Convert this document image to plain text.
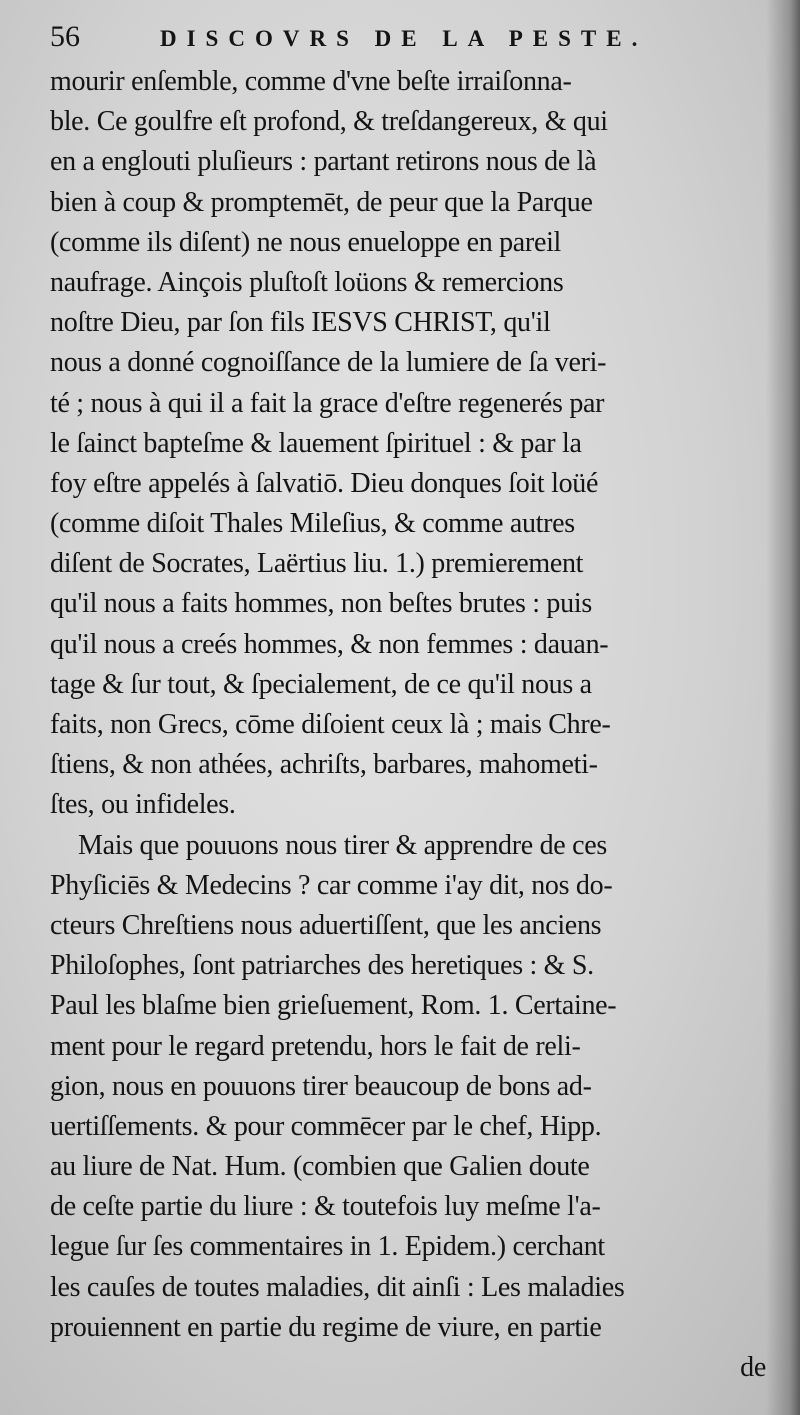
56	DISCOVRS DE LA PESTE.
mourir enſemble, comme d'vne beſte irraiſonna-
ble. Ce goulfre eſt profond, & treſdangereux, & qui
en a englouti pluſieurs : partant retirons nous de là
bien à coup & promptemēt, de peur que la Parque
(comme ils diſent) ne nous enueloppe en pareil
naufrage. Ainçois pluſtoſt loüons & remercions
noſtre Dieu, par ſon fils IESVS CHRIST, qu'il
nous a donné cognoiſſance de la lumiere de ſa veri-
té ; nous à qui il a fait la grace d'eſtre regenerés par
le ſainct bapteſme & lauement ſpirituel : & par la
foy eſtre appelés à ſalvatiō. Dieu donques ſoit loüé
(comme diſoit Thales Mileſius, & comme autres
diſent de Socrates, Laërtius liu. 1.) premierement
qu'il nous a faits hommes, non beſtes brutes : puis
qu'il nous a creés hommes, & non femmes : dauan-
tage & ſur tout, & ſpecialement, de ce qu'il nous a
faits, non Grecs, cōme diſoient ceux là ; mais Chre-
ſtiens, & non athées, achriſts, barbares, mahometi-
ſtes, ou infideles.
Mais que pouuons nous tirer & apprendre de ces
Phyſiciēs & Medecins ? car comme i'ay dit, nos do-
cteurs Chreſtiens nous aduertiſſent, que les anciens
Philoſophes, ſont patriarches des heretiques : & S.
Paul les blaſme bien grieſuement, Rom. 1. Certaine-
ment pour le regard pretendu, hors le fait de reli-
gion, nous en pouuons tirer beaucoup de bons ad-
uertiſſements. & pour commēcer par le chef, Hipp.
au liure de Nat. Hum. (combien que Galien doute
de ceſte partie du liure : & toutefois luy meſme l'a-
legue ſur ſes commentaires in 1. Epidem.) cerchant
les cauſes de toutes maladies, dit ainſi : Les maladies
prouiennent en partie du regime de viure, en partie
de
